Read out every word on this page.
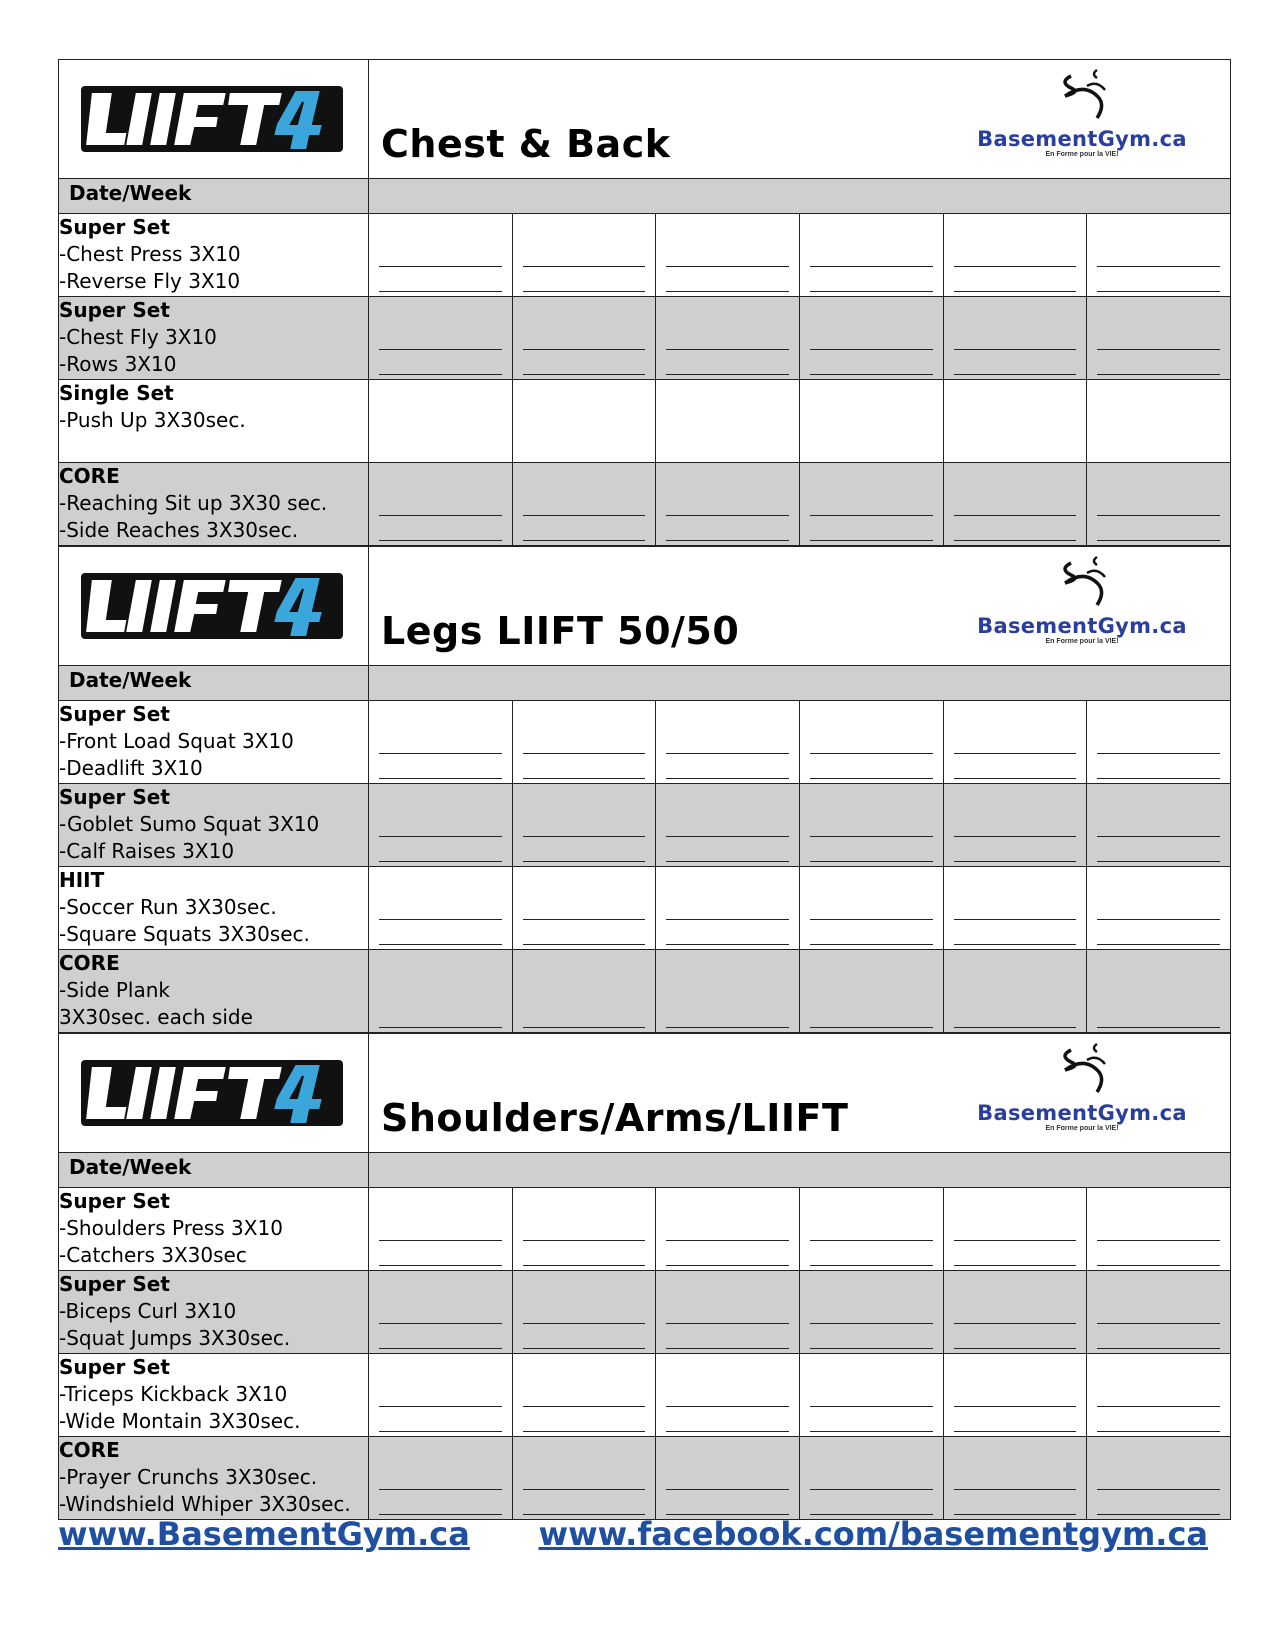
TM	Chest & Back BasementGym.ca
En Forme pour la VIE!					

Date/Week						

Super Set
-Chest Press 3X10
-Reverse Fly 3X10						

Super Set
-Chest Fly 3X10
-Rows 3X10						

Single Set
-Push Up 3X30sec.						

CORE
-Reaching Sit up 3X30 sec.
-Side Reaches 3X30sec.						

TM	Legs LIIFT 50/50 BasementGym.ca
En Forme pour la VIE!					

Date/Week						

Super Set
-Front Load Squat 3X10
-Deadlift 3X10						

Super Set
-Goblet Sumo Squat 3X10
-Calf Raises 3X10						

HIIT
-Soccer Run 3X30sec.
-Square Squats 3X30sec.						

CORE
-Side Plank
3X30sec. each side						

TM	Shoulders/Arms/LIIFT BasementGym.ca
En Forme pour la VIE!					

Date/Week						

Super Set
-Shoulders Press 3X10
-Catchers 3X30sec						

Super Set
-Biceps Curl 3X10
-Squat Jumps 3X30sec.						

Super Set
-Triceps Kickback 3X10
-Wide Montain 3X30sec.						

CORE
-Prayer Crunchs 3X30sec.
-Windshield Whiper 3X30sec.						

www.BasementGym.ca www.facebook.com/basementgym.ca
